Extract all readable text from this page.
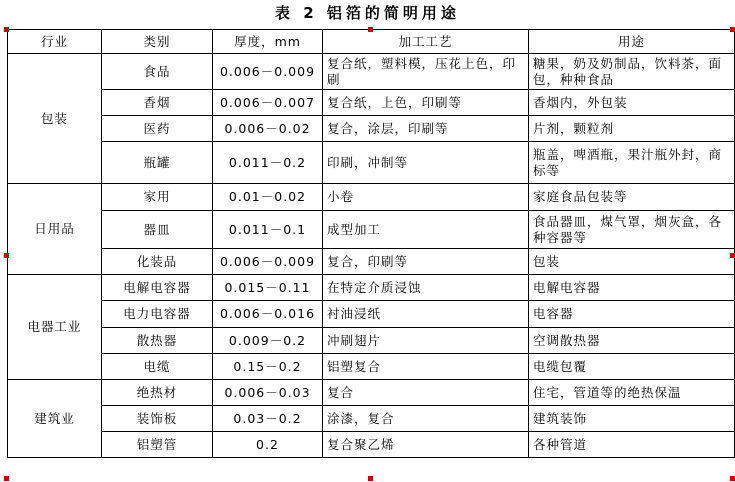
表 2 铝箔的简明用途
行业	类别	厚度，mm	加工工艺	用途
包装	食品	0.006－0.009	复合纸，塑料模，压花上色，印刷	糖果，奶及奶制品，饮料茶，面包，种种食品
	香烟	0.006－0.007	复合纸，上色，印刷等	香烟内，外包装
	医药	0.006－0.02	复合，涂层，印刷等	片剂，颗粒剂
	瓶罐	0.011－0.2	印刷，冲制等	瓶盖，啤酒瓶，果汁瓶外封，商标等
日用品	家用	0.01－0.02	小卷	家庭食品包装等
	器皿	0.011－0.1	成型加工	食品器皿，煤气罩，烟灰盒，各种容器等
	化装品	0.006－0.009	复合，印刷等	包装
电器工业	电解电容器	0.015－0.11	在特定介质浸蚀	电解电容器
	电力电容器	0.006－0.016	衬油浸纸	电容器
	散热器	0.009－0.2	冲刷翅片	空调散热器
	电缆	0.15－0.2	铝塑复合	电缆包覆
建筑业	绝热材	0.006－0.03	复合	住宅，管道等的绝热保温
	装饰板	0.03－0.2	涂漆，复合	建筑装饰
	铝塑管	0.2	复合聚乙烯	各种管道
